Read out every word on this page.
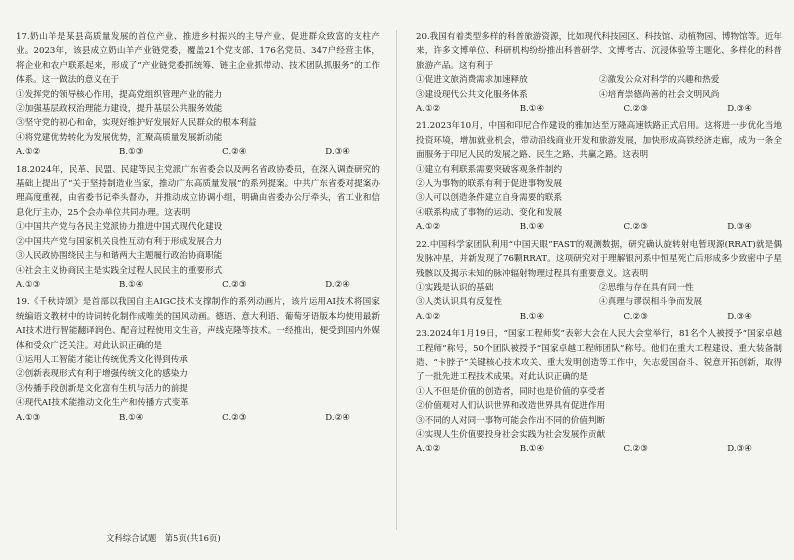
17.奶山羊是某县高质量发展的首位产业、推进乡村振兴的主导产业、促进群众致富的支柱产业。2023年，该县成立奶山羊产业链党委，覆盖21个党支部、176名党员、347户经营主体，将企业和农户联系起来，形成了“产业链党委抓统筹、链主企业抓带动、技术团队抓服务”的工作体系。这一做法的意义在于
①发挥党的领导核心作用，提高党组织管理产业的能力
②加强基层政权治理能力建设，提升基层公共服务效能
③坚守党的初心和命，实现好维护好发展好人民群众的根本利益
④将党建优势转化为发展优势，汇聚高质量发展新动能
A.①②	B.①③	C.②④	D.③④
18.2024年，民革、民盟、民建等民主党派广东省委会以及两名省政协委员，在深入调查研究的基础上提出了“关于坚持制造业当家，推动广东高质量发展”的系列提案。中共广东省委对提案办理高度重视，由省委书记牵头督办，并推动成立协调小组，明确由省委办公厅牵头，省工业和信息化厅主办，25个会办单位共同办理。这表明
①中国共产党与各民主党派协力推进中国式现代化建设
②中国共产党与国家机关良性互动有利于形成发展合力
③人民政协围绕民主与和谐两大主题履行政治协商职能
④社会主义协商民主是实践全过程人民民主的重要形式
A.①③	B.①④	C.②③	D.②④
19.《千秋诗颂》是首部以我国自主AIGC技术支撑制作的系列动画片，该片运用AI技术将国家统编语文教材中的诗词转化制作成唯美的国风动画。德语、意大利语、葡萄牙语版本均使用最新AI技术进行智能翻译润色、配音过程使用文生音，声线克隆等技术。一经推出，便受到国内外媒体和受众广泛关注。对此认识正确的是
①运用人工智能才能让传统优秀文化得到传承
②创新表现形式有利于增强传统文化的感染力
③传播手段创新是文化富有生机与活力的前提
④现代AI技术能推动文化生产和传播方式变革
A.①③	B.①④	C.②③	D.②④
20.我国有着类型多样的科普旅游资源，比如现代科技园区、科技馆、动植物园、博物馆等。近年来，许多文博单位、科研机构纷纷推出科普研学、文博考古、沉浸体验等主题化、多样化的科普旅游产品。这有利于
①促进文旅消费需求加速释放	②激发公众对科学的兴趣和热爱
③建设现代公共文化服务体系	④培育崇德尚善的社会文明风尚
A.①②	B.①④	C.②③	D.③④
21.2023年10月，中国和印尼合作建设的雅加达至万隆高速铁路正式启用。这将进一步优化当地投资环境，增加就业机会，带动沿线商业开发和旅游发展，加快形成高铁经济走廊，成为一条全面服务于印尼人民的发展之路、民生之路、共赢之路。这表明
①建立有利联系需要突破客观条件制约
②人为事物的联系有利于促进事物发展
③人可以创造条件建立自身需要的联系
④联系构成了事物的运动、变化和发展
A.①②	B.①④	C.②③	D.③④
22.中国科学家团队利用“中国天眼”FAST的观测数据，研究确认旋转射电暂现源(RRAT)就是偶发脉冲星，并新发现了76颗RRAT。这项研究对于理解银河系中恒星死亡后形成多少致密中子星残骸以及揭示未知的脉冲辐射物理过程具有重要意义。这表明
①实践是认识的基础	②思维与存在具有同一性
③人类认识具有反复性	④真理与谬误相斗争而发展
A.①②	B.①④	C.②③	D.③④
23.2024年1月19日，“国家工程师奖”表彰大会在人民大会堂举行，81名个人被授予“国家卓越工程师”称号，50个团队被授予“国家卓越工程师团队”称号。他们在重大工程建设、重大装备制造、“卡脖子”关键核心技术攻关、重大发明创造等工作中，矢志爱国奋斗、锐意开拓创新，取得了一批先进工程技术成果。对此认识正确的是
①人不但是价值的创造者，同时也是价值的享受者
②价值观对人们认识世界和改造世界具有促进作用
③不同的人对同一事物可能会作出不同的价值判断
④实现人生价值要投身社会实践为社会发展作贡献
A.①②	B.①④	C.②③	D.③④
文科综合试题　第5页(共16页)
